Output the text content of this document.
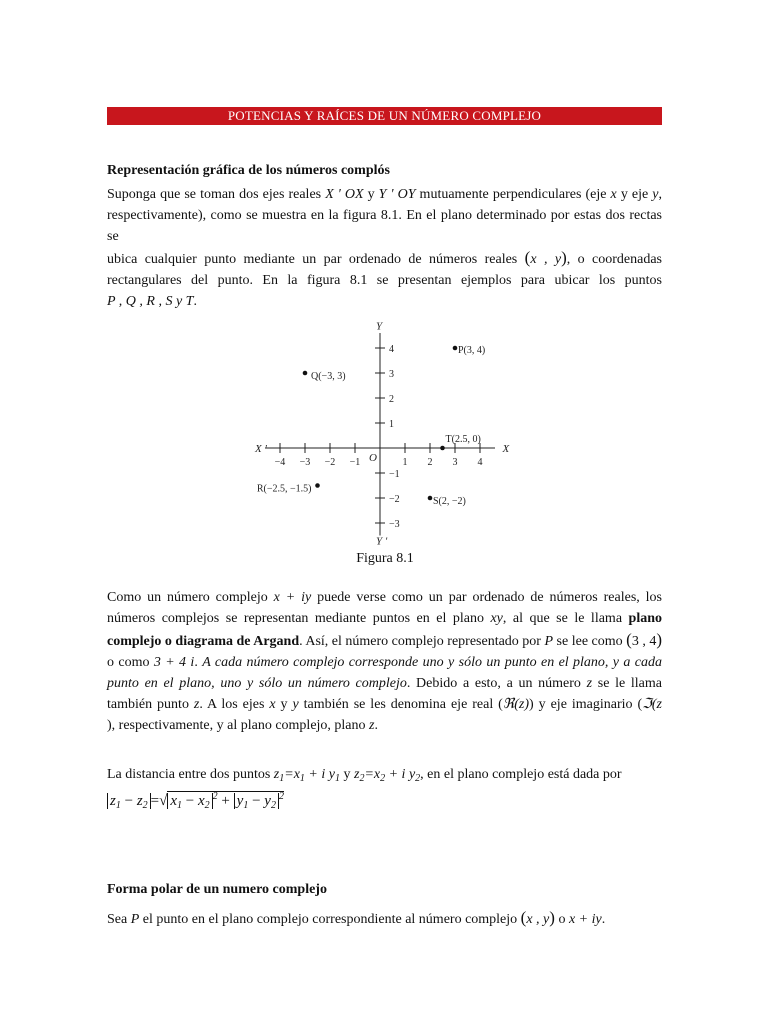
POTENCIAS Y RAÍCES DE UN NÚMERO COMPLEJO
Representación gráfica de los números complós
Suponga que se toman dos ejes reales X ' OX y Y ' OY mutuamente perpendiculares (eje x y eje y,
respectivamente), como se muestra en la figura 8.1. En el plano determinado por estas dos rectas se
ubica cualquier punto mediante un par ordenado de números reales (x , y), o coordenadas
rectangulares del punto. En la figura 8.1 se presentan ejemplos para ubicar los puntos
P , Q , R , S y T.
−4 −3 −2 −1	1 2 3 4
−3
−2
−1
1
2
3
4
X
X '
Y
Y '
O
P(3, 4)
Q(−3, 3)
T(2.5, 0)
R(−2.5, −1.5)
S(2, −2)
Figura 8.1
Como un número complejo x + iy puede verse como un par ordenado de números reales, los
números complejos se representan mediante puntos en el plano xy, al que se le llama plano
complejo o diagrama de Argand. Así, el número complejo representado por P se lee como (3 , 4)
o como 3 + 4 i. A cada número complejo corresponde uno y sólo un punto en el plano, y a cada
punto en el plano, uno y sólo un número complejo. Debido a esto, a un número z se le llama
también punto z. A los ejes x y y también se les denomina eje real (ℜ(z)) y eje imaginario (ℑ(z
), respectivamente, y al plano complejo, plano z.
La distancia entre dos puntos $z_1=x_1 + i$ $y_1$ y $z_2=x_2 + i$ $y_2$, en el plano complejo está dada por
$z_1 - z_2$ =√ $x_1 - x_2^2 + y_1 - y_2^2$
Forma polar de un numero complejo
Sea P el punto en el plano complejo correspondiente al número complejo (x , y) o x + iy.
